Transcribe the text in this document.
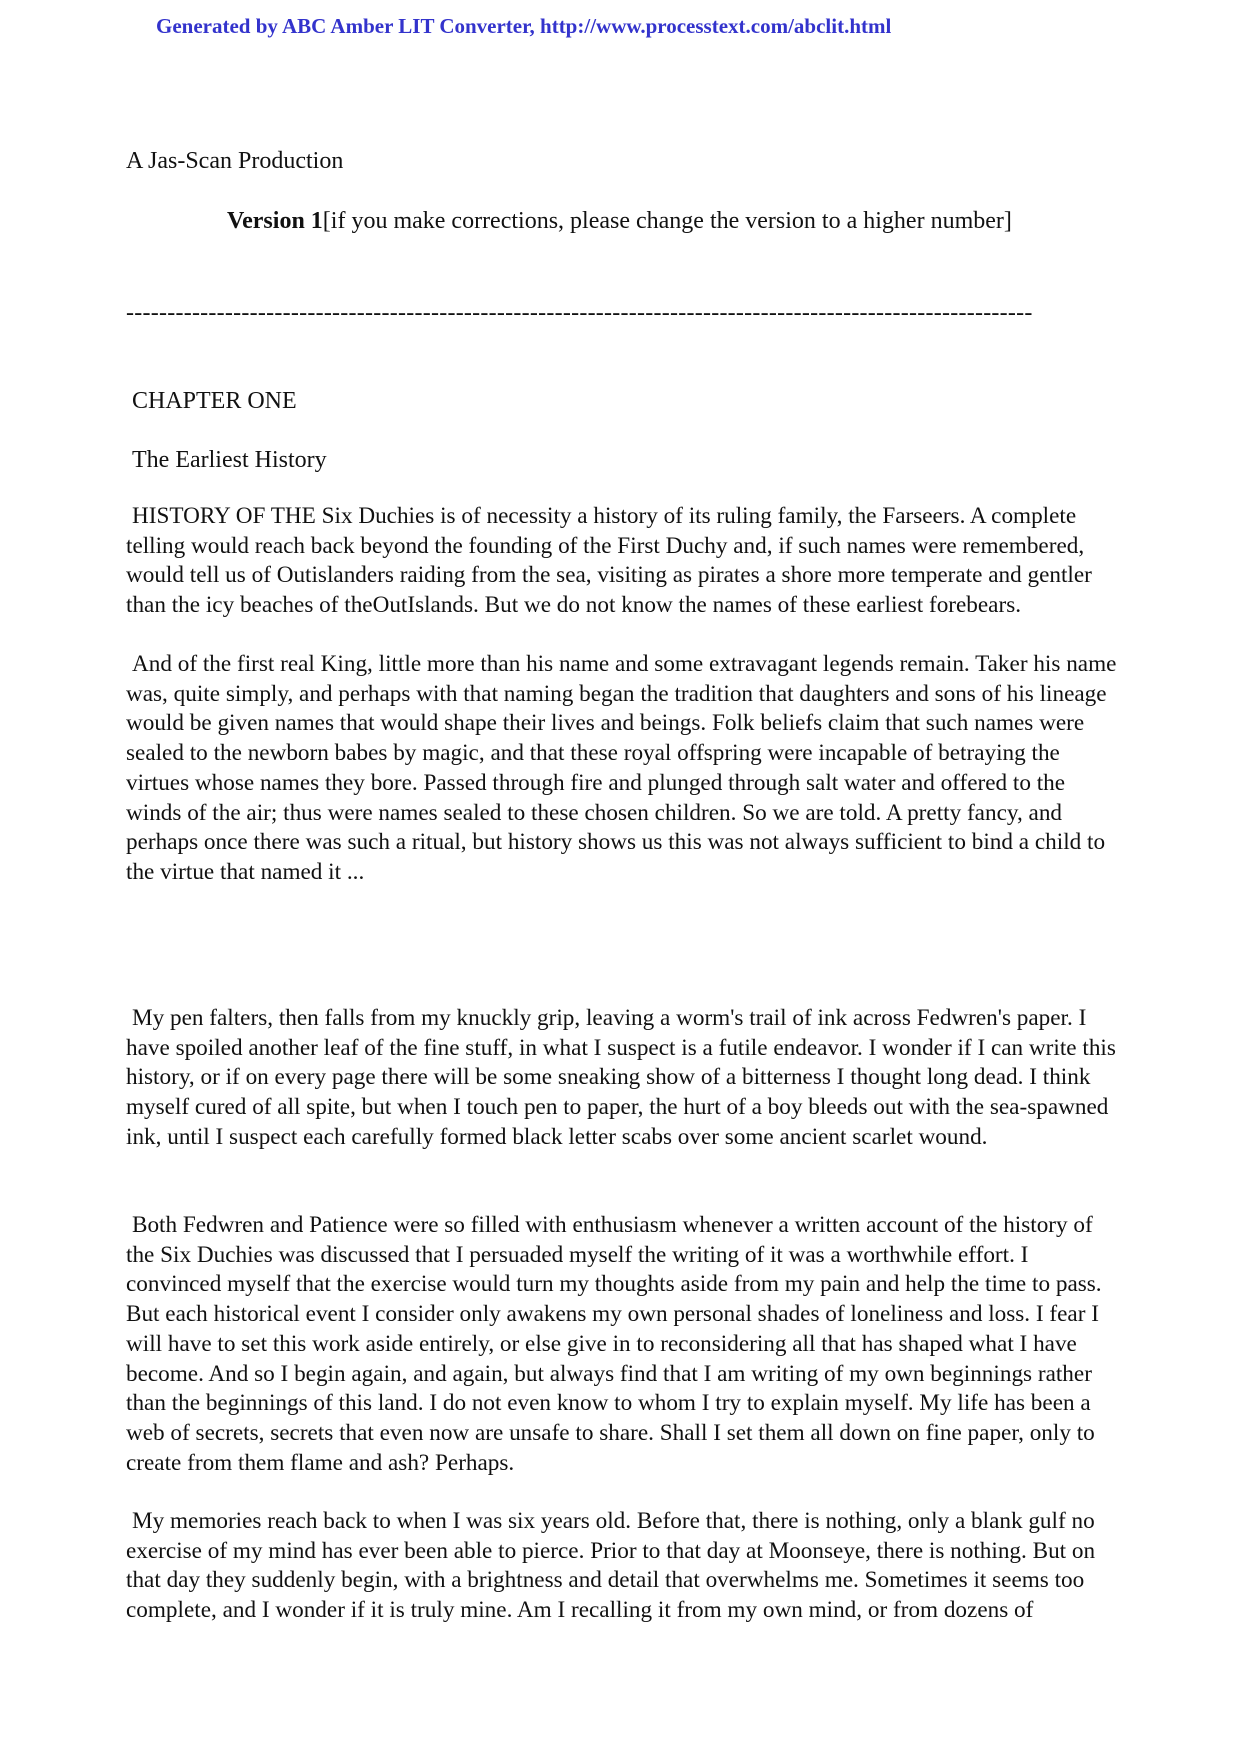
Generated by ABC Amber LIT Converter, http://www.processtext.com/abclit.html
A Jas-Scan Production
Version 1[if you make corrections, please change the version to a higher number]
--------------------------------------------------------------------------------------------------------------
CHAPTER ONE
The Earliest History

HISTORY OF THE Six Duchies is of necessity a history of its ruling family, the Farseers. A complete telling would reach back beyond the founding of the First Duchy and, if such names were remembered, would tell us of Outislanders raiding from the sea, visiting as pirates a shore more temperate and gentler than the icy beaches of theOutIslands. But we do not know the names of these earliest forebears.

And of the first real King, little more than his name and some extravagant legends remain. Taker his name was, quite simply, and perhaps with that naming began the tradition that daughters and sons of his lineage would be given names that would shape their lives and beings. Folk beliefs claim that such names were sealed to the newborn babes by magic, and that these royal offspring were incapable of betraying the virtues whose names they bore. Passed through fire and plunged through salt water and offered to the winds of the air; thus were names sealed to these chosen children. So we are told. A pretty fancy, and perhaps once there was such a ritual, but history shows us this was not always sufficient to bind a child to the virtue that named it ...

My pen falters, then falls from my knuckly grip, leaving a worm's trail of ink across Fedwren's paper. I have spoiled another leaf of the fine stuff, in what I suspect is a futile endeavor. I wonder if I can write this history, or if on every page there will be some sneaking show of a bitterness I thought long dead. I think myself cured of all spite, but when I touch pen to paper, the hurt of a boy bleeds out with the sea-spawned ink, until I suspect each carefully formed black letter scabs over some ancient scarlet wound.

Both Fedwren and Patience were so filled with enthusiasm whenever a written account of the history of the Six Duchies was discussed that I persuaded myself the writing of it was a worthwhile effort. I convinced myself that the exercise would turn my thoughts aside from my pain and help the time to pass. But each historical event I consider only awakens my own personal shades of loneliness and loss. I fear I will have to set this work aside entirely, or else give in to reconsidering all that has shaped what I have become. And so I begin again, and again, but always find that I am writing of my own beginnings rather than the beginnings of this land. I do not even know to whom I try to explain myself. My life has been a web of secrets, secrets that even now are unsafe to share. Shall I set them all down on fine paper, only to create from them flame and ash? Perhaps.

My memories reach back to when I was six years old. Before that, there is nothing, only a blank gulf no exercise of my mind has ever been able to pierce. Prior to that day at Moonseye, there is nothing. But on that day they suddenly begin, with a brightness and detail that overwhelms me. Sometimes it seems too complete, and I wonder if it is truly mine. Am I recalling it from my own mind, or from dozens of
